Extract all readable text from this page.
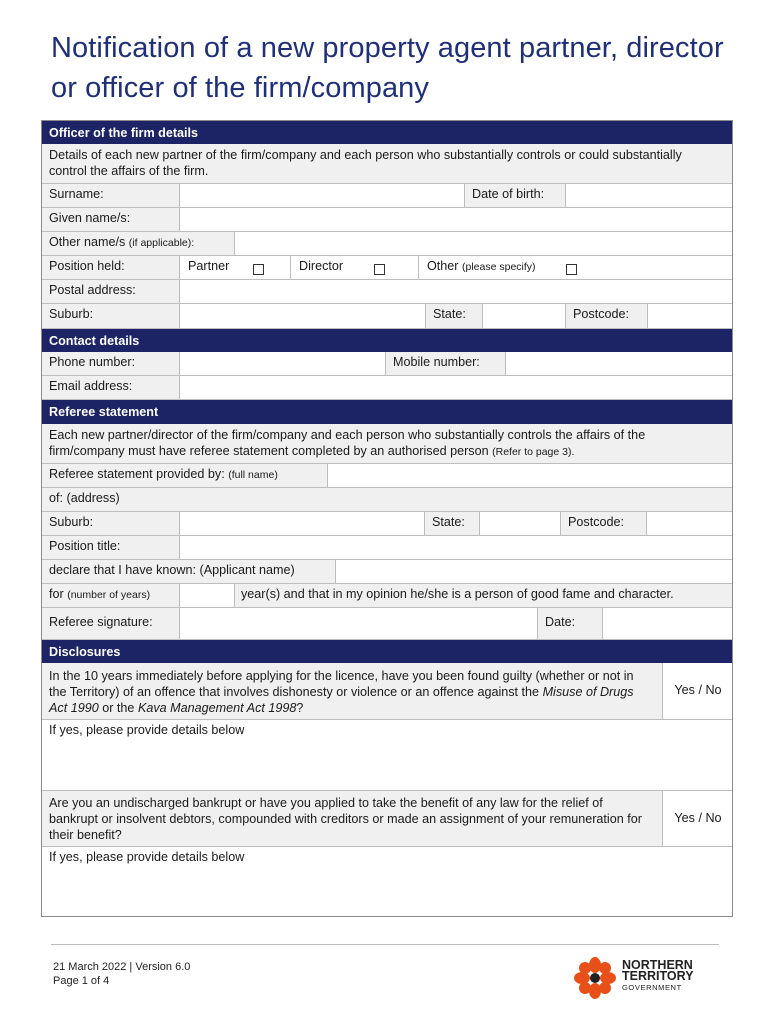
Notification of a new property agent partner, director or officer of the firm/company
Officer of the firm details
Details of each new partner of the firm/company and each person who substantially controls or could substantially control the affairs of the firm.
Surname:	Date of birth:
Given name/s:
Other name/s (if applicable):
Position held:	Partner	Director	Other (please specify)
Postal address:
Suburb:	State:	Postcode:
Contact details
Phone number:	Mobile number:
Email address:
Referee statement
Each new partner/director of the firm/company and each person who substantially controls the affairs of the firm/company must have referee statement completed by an authorised person (Refer to page 3).
Referee statement provided by: (full name)
of: (address)
Suburb:	State:	Postcode:
Position title:
declare that I have known: (Applicant name)
for (number of years)	year(s) and that in my opinion he/she is a person of good fame and character.
Referee signature:	Date:
Disclosures
In the 10 years immediately before applying for the licence, have you been found guilty (whether or not in the Territory) of an offence that involves dishonesty or violence or an offence against the Misuse of Drugs Act 1990 or the Kava Management Act 1998?
Yes / No
If yes, please provide details below
Are you an undischarged bankrupt or have you applied to take the benefit of any law for the relief of bankrupt or insolvent debtors, compounded with creditors or made an assignment of your remuneration for their benefit?
Yes / No
If yes, please provide details below
21 March 2022 | Version 6.0
Page 1 of 4
NORTHERN
TERRITORY
GOVERNMENT
